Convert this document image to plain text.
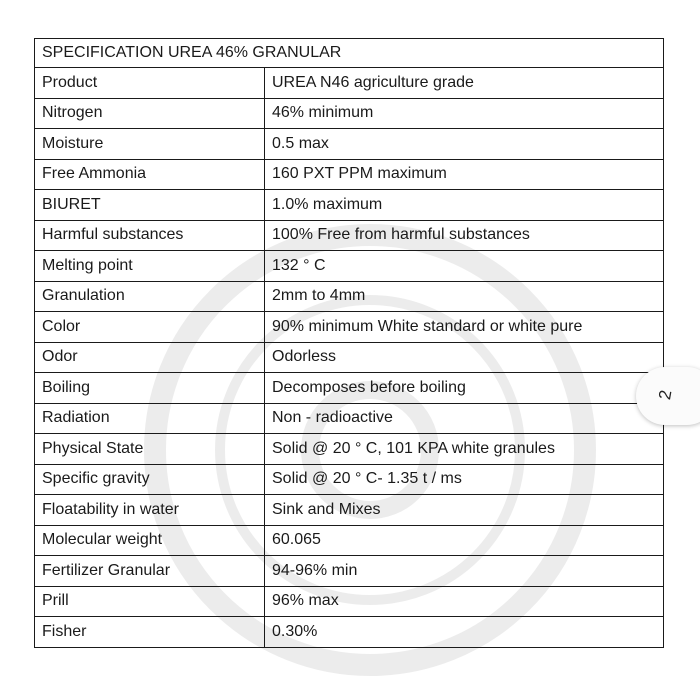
SPECIFICATION UREA 46% GRANULAR	
Product	UREA N46 agriculture grade
Nitrogen	46% minimum
Moisture	0.5 max
Free Ammonia	160 PXT PPM maximum
BIURET	1.0% maximum
Harmful substances	100% Free from harmful substances
Melting point	132 ° C
Granulation	2mm to 4mm
Color	90% minimum White standard or white pure
Odor	Odorless
Boiling	Decomposes before boiling
Radiation	Non - radioactive
Physical State	Solid @ 20 ° C, 101 KPA white granules
Specific gravity	Solid @ 20 ° C- 1.35 t / ms
Floatability in water	Sink and Mixes
Molecular weight	60.065
Fertilizer Granular	94-96% min
Prill	96% max
Fisher	0.30%
2
